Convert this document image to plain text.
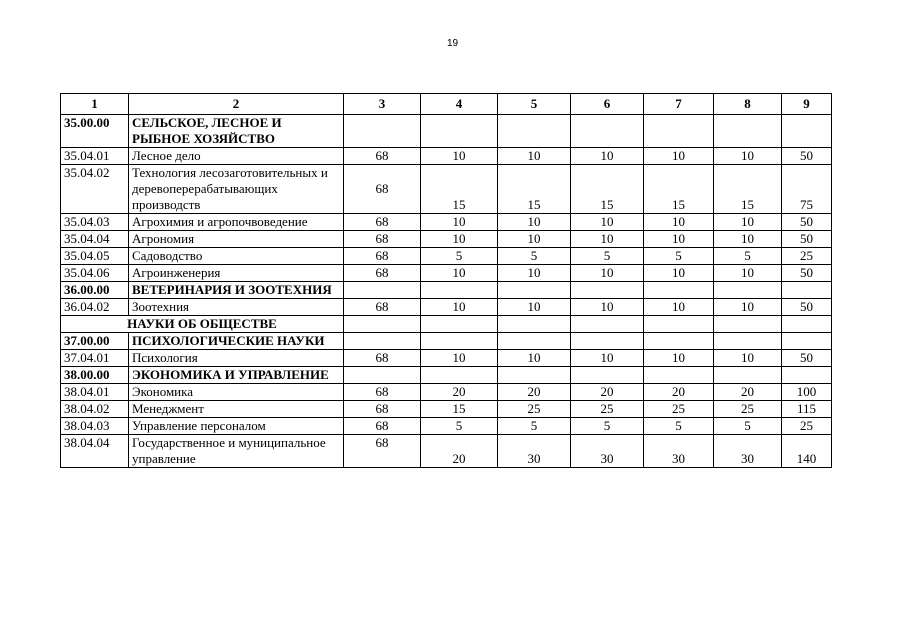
19
1	2	3	4	5	6	7	8	9
35.00.00	СЕЛЬСКОЕ, ЛЕСНОЕ И РЫБНОЕ ХОЗЯЙСТВО							
35.04.01	Лесное дело	68	10	10	10	10	10	50
35.04.02	Технология лесозаготовительных и деревоперерабатывающих производств	68	15	15	15	15	15	75
35.04.03	Агрохимия и агропочвоведение	68	10	10	10	10	10	50
35.04.04	Агрономия	68	10	10	10	10	10	50
35.04.05	Садоводство	68	5	5	5	5	5	25
35.04.06	Агроинженерия	68	10	10	10	10	10	50
36.00.00	ВЕТЕРИНАРИЯ И ЗООТЕХНИЯ							
36.04.02	Зоотехния	68	10	10	10	10	10	50
НАУКИ ОБ ОБЩЕСТВЕ								
37.00.00	ПСИХОЛОГИЧЕСКИЕ НАУКИ							
37.04.01	Психология	68	10	10	10	10	10	50
38.00.00	ЭКОНОМИКА И УПРАВЛЕНИЕ							
38.04.01	Экономика	68	20	20	20	20	20	100
38.04.02	Менеджмент	68	15	25	25	25	25	115
38.04.03	Управление персоналом	68	5	5	5	5	5	25
38.04.04	Государственное и муниципальное управление	68	20	30	30	30	30	140
